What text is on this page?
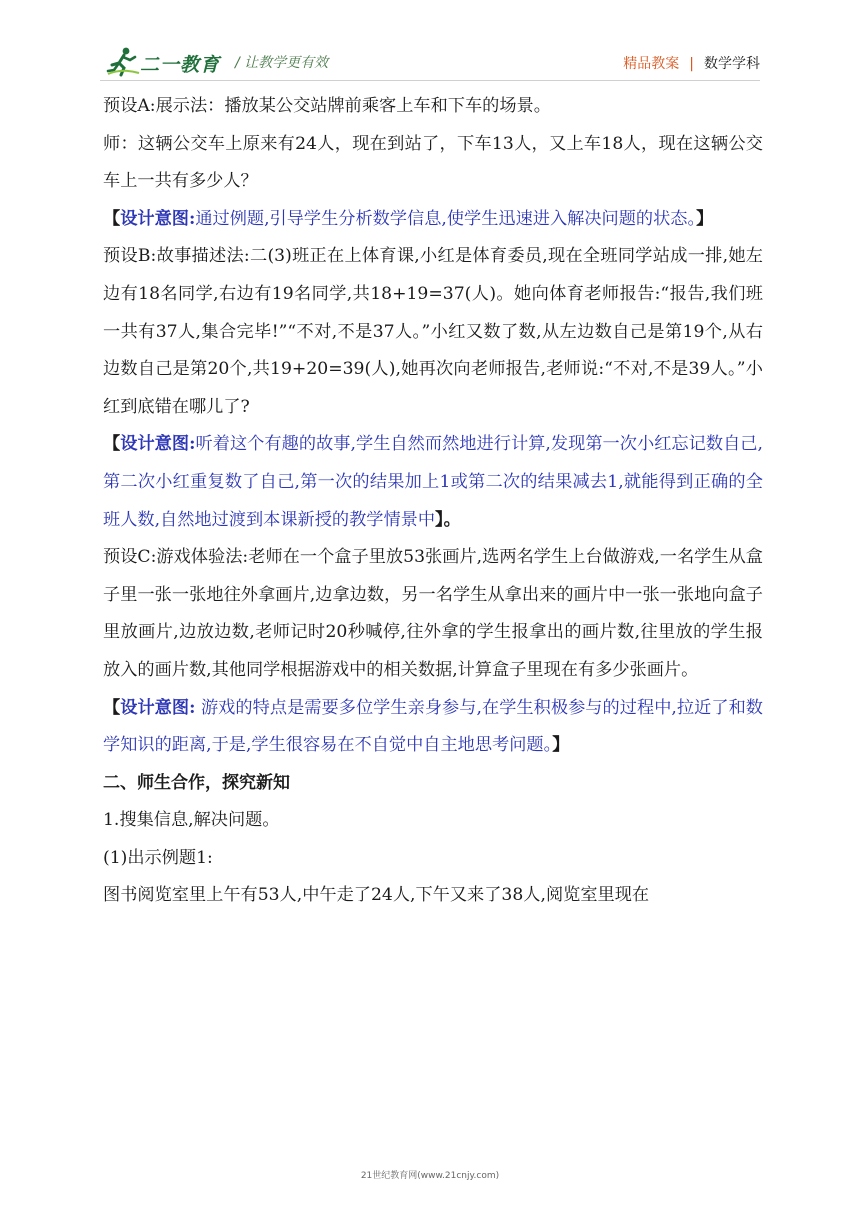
二一教育 / 让教学更有效	精品教案 | 数学学科

预设A:展示法：播放某公交站牌前乘客上车和下车的场景。

师：这辆公交车上原来有24人，现在到站了，下车13人，又上车18人，现在这辆公交车上一共有多少人？

【设计意图:通过例题,引导学生分析数学信息,使学生迅速进入解决问题的状态。】

预设B:故事描述法:二(3)班正在上体育课,小红是体育委员,现在全班同学站成一排,她左边有18名同学,右边有19名同学,共18+19=37(人)。她向体育老师报告:“报告,我们班一共有37人,集合完毕!”“不对,不是37人。”小红又数了数,从左边数自己是第19个,从右边数自己是第20个,共19+20=39(人),她再次向老师报告,老师说:“不对,不是39人。”小红到底错在哪儿了?

【设计意图:听着这个有趣的故事,学生自然而然地进行计算,发现第一次小红忘记数自己,第二次小红重复数了自己,第一次的结果加上1或第二次的结果减去1,就能得到正确的全班人数,自然地过渡到本课新授的教学情景中】。

预设C:游戏体验法:老师在一个盒子里放53张画片,选两名学生上台做游戏,一名学生从盒子里一张一张地往外拿画片,边拿边数，另一名学生从拿出来的画片中一张一张地向盒子里放画片,边放边数,老师记时20秒喊停,往外拿的学生报拿出的画片数,往里放的学生报放入的画片数,其他同学根据游戏中的相关数据,计算盒子里现在有多少张画片。

【设计意图: 游戏的特点是需要多位学生亲身参与,在学生积极参与的过程中,拉近了和数学知识的距离,于是,学生很容易在不自觉中自主地思考问题。】

二、师生合作，探究新知

1.搜集信息,解决问题。

(1)出示例题1:

图书阅览室里上午有53人,中午走了24人,下午又来了38人,阅览室里现在

21世纪教育网(www.21cnjy.com)
